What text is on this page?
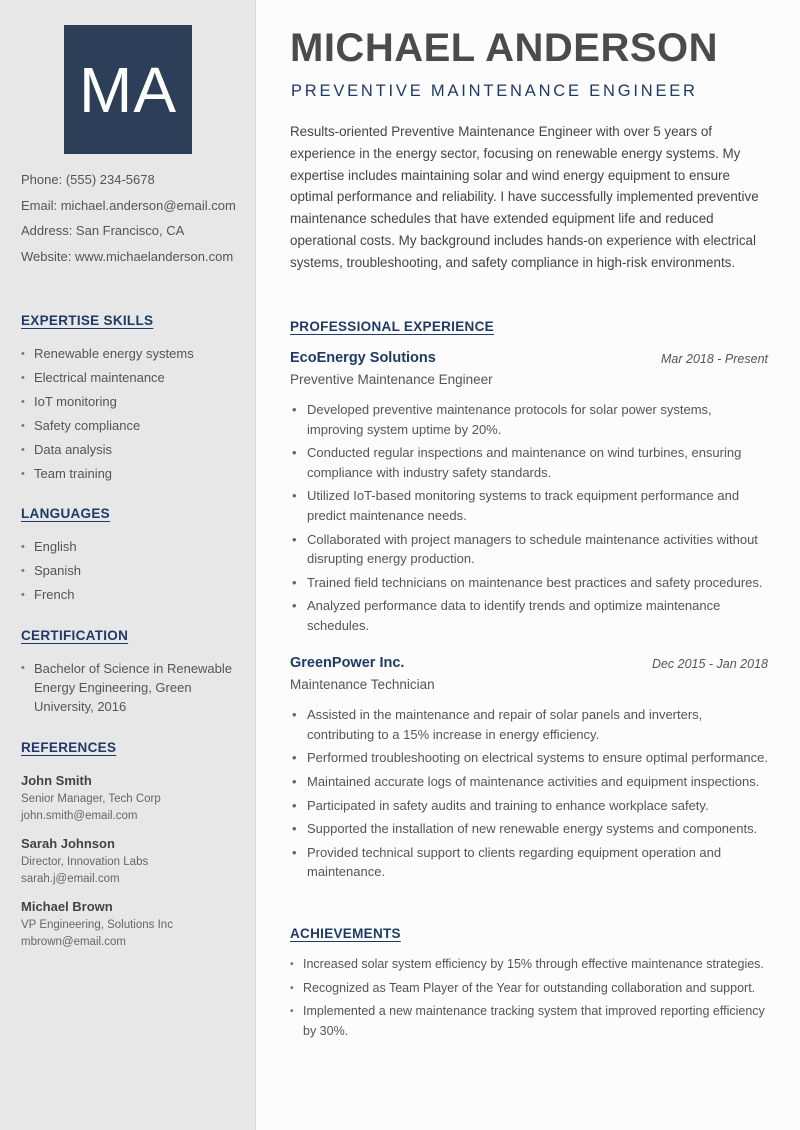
MA
Phone: (555) 234-5678
Email: michael.anderson@email.com
Address: San Francisco, CA
Website: www.michaelanderson.com
EXPERTISE SKILLS
• Renewable energy systems
• Electrical maintenance
• IoT monitoring
• Safety compliance
• Data analysis
• Team training
LANGUAGES
• English
• Spanish
• French
CERTIFICATION
• Bachelor of Science in Renewable Energy Engineering, Green University, 2016
REFERENCES
John Smith
Senior Manager, Tech Corp
john.smith@email.com
Sarah Johnson
Director, Innovation Labs
sarah.j@email.com
Michael Brown
VP Engineering, Solutions Inc
mbrown@email.com
MICHAEL ANDERSON
PREVENTIVE MAINTENANCE ENGINEER

Results-oriented Preventive Maintenance Engineer with over 5 years of experience in the energy sector, focusing on renewable energy systems. My expertise includes maintaining solar and wind energy equipment to ensure optimal performance and reliability. I have successfully implemented preventive maintenance schedules that have extended equipment life and reduced operational costs. My background includes hands-on experience with electrical systems, troubleshooting, and safety compliance in high-risk environments.

PROFESSIONAL EXPERIENCE
EcoEnergy Solutions	Mar 2018 - Present
Preventive Maintenance Engineer
• Developed preventive maintenance protocols for solar power systems, improving system uptime by 20%.
• Conducted regular inspections and maintenance on wind turbines, ensuring compliance with industry safety standards.
• Utilized IoT-based monitoring systems to track equipment performance and predict maintenance needs.
• Collaborated with project managers to schedule maintenance activities without disrupting energy production.
• Trained field technicians on maintenance best practices and safety procedures.
• Analyzed performance data to identify trends and optimize maintenance schedules.
GreenPower Inc.	Dec 2015 - Jan 2018
Maintenance Technician
• Assisted in the maintenance and repair of solar panels and inverters, contributing to a 15% increase in energy efficiency.
• Performed troubleshooting on electrical systems to ensure optimal performance.
• Maintained accurate logs of maintenance activities and equipment inspections.
• Participated in safety audits and training to enhance workplace safety.
• Supported the installation of new renewable energy systems and components.
• Provided technical support to clients regarding equipment operation and maintenance.
ACHIEVEMENTS
• Increased solar system efficiency by 15% through effective maintenance strategies.
• Recognized as Team Player of the Year for outstanding collaboration and support.
• Implemented a new maintenance tracking system that improved reporting efficiency by 30%.
